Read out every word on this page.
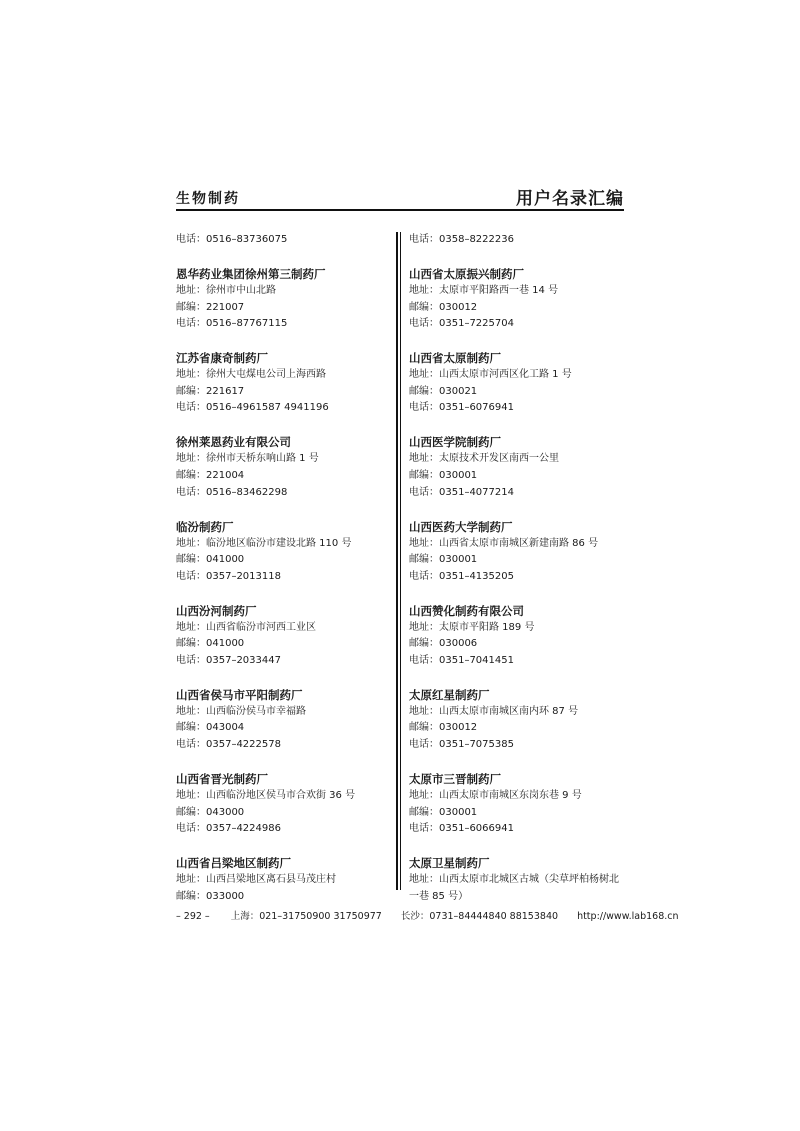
生物制药	用户名录汇编
电话：0516–83736075
恩华药业集团徐州第三制药厂
地址：徐州市中山北路
邮编：221007
电话：0516–87767115
江苏省康奇制药厂
地址：徐州大屯煤电公司上海西路
邮编：221617
电话：0516–4961587 4941196
徐州莱恩药业有限公司
地址：徐州市天桥东响山路 1 号
邮编：221004
电话：0516–83462298
临汾制药厂
地址：临汾地区临汾市建设北路 110 号
邮编：041000
电话：0357–2013118
山西汾河制药厂
地址：山西省临汾市河西工业区
邮编：041000
电话：0357–2033447
山西省侯马市平阳制药厂
地址：山西临汾侯马市幸福路
邮编：043004
电话：0357–4222578
山西省晋光制药厂
地址：山西临汾地区侯马市合欢街 36 号
邮编：043000
电话：0357–4224986
山西省吕梁地区制药厂
地址：山西吕梁地区离石县马茂庄村
邮编：033000
电话：0358–8222236
山西省太原振兴制药厂
地址：太原市平阳路西一巷 14 号
邮编：030012
电话：0351–7225704
山西省太原制药厂
地址：山西太原市河西区化工路 1 号
邮编：030021
电话：0351–6076941
山西医学院制药厂
地址：太原技术开发区南西一公里
邮编：030001
电话：0351–4077214
山西医药大学制药厂
地址：山西省太原市南城区新建南路 86 号
邮编：030001
电话：0351–4135205
山西赞化制药有限公司
地址：太原市平阳路 189 号
邮编：030006
电话：0351–7041451
太原红星制药厂
地址：山西太原市南城区南内环 87 号
邮编：030012
电话：0351–7075385
太原市三晋制药厂
地址：山西太原市南城区东岗东巷 9 号
邮编：030001
电话：0351–6066941
太原卫星制药厂
地址：山西太原市北城区古城（尖草坪柏杨树北一巷 85 号）
– 292 – 上海：021–31750900 31750977 长沙：0731–84444840 88153840 http://www.lab168.cn
